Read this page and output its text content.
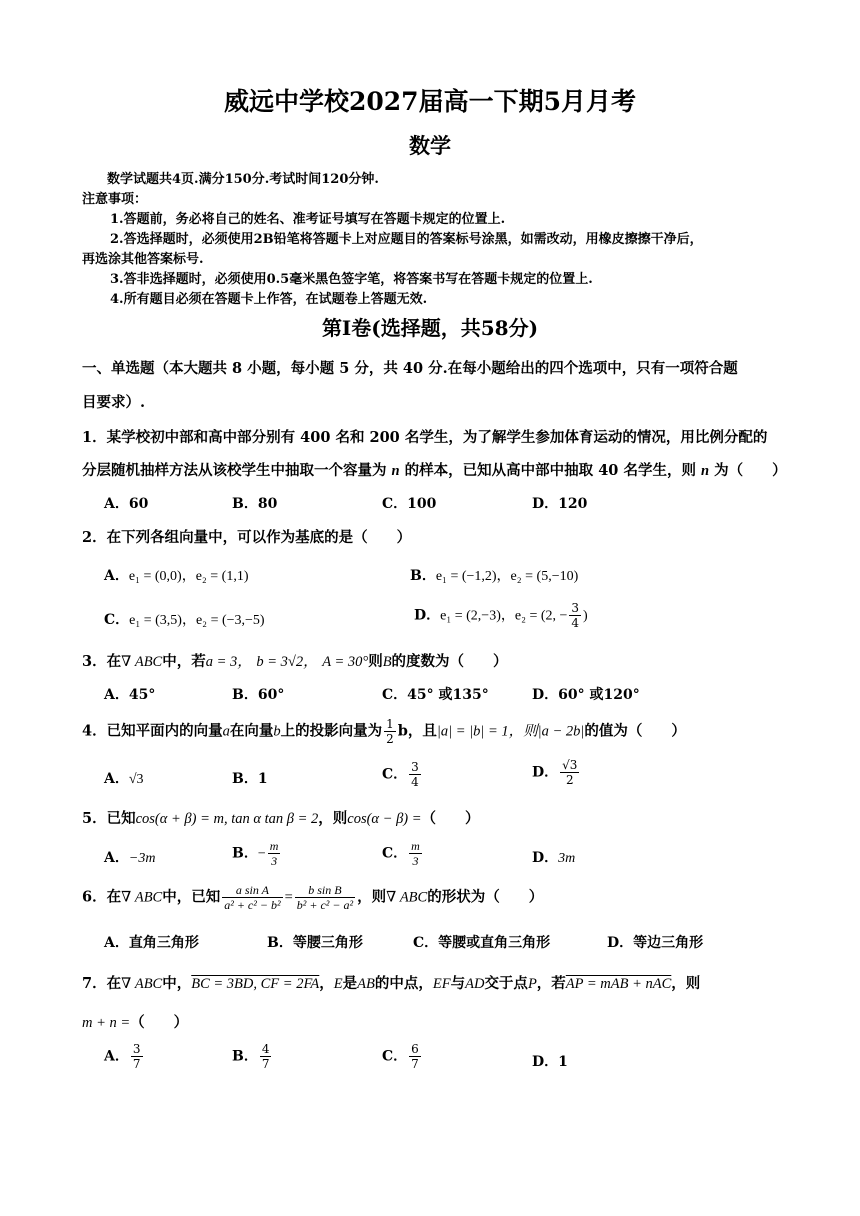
威远中学校2027届高一下期5月月考
数学
数学试题共4页.满分150分.考试时间120分钟.
注意事项：
1.答题前，务必将自己的姓名、准考证号填写在答题卡规定的位置上.
2.答选择题时，必须使用2B铅笔将答题卡上对应题目的答案标号涂黑，如需改动，用橡皮擦擦干净后，
再选涂其他答案标号.
3.答非选择题时，必须使用0.5毫米黑色签字笔，将答案书写在答题卡规定的位置上.
4.所有题目必须在答题卡上作答，在试题卷上答题无效.
第Ⅰ卷(选择题，共58分)
一、单选题（本大题共 8 小题，每小题 5 分，共 40 分.在每小题给出的四个选项中，只有一项符合题
目要求）.
1．某学校初中部和高中部分别有 400 名和 200 名学生，为了解学生参加体育运动的情况，用比例分配的
分层随机抽样方法从该校学生中抽取一个容量为 n 的样本，已知从高中部中抽取 40 名学生，则 n 为（　　）
A．60	B．80	C．100	D．120
2．在下列各组向量中，可以作为基底的是（　　）
A．e₁ = (0,0)，e₂ = (1,1)	B．e₁ = (−1,2)，e₂ = (5,−10)
C．e₁ = (3,5)，e₂ = (−3,−5)	D．e₁ = (2,−3)，e₂ = (2, − $\frac{3}{4}$ )
3．在∇ ABC中，若a = 3， b = 3√2， A = 30°则B的度数为（　　）
A．45°	B．60°	C．45° 或135°	D．60° 或120°
4．已知平面内的向量a在向量b上的投影向量为 $\frac{1}{2}$ b，且|a| = |b| = 1，则|a − 2b|的值为（　　）
A．√3	B．1	C． $\frac{3}{4}$	D． $\frac{√3}{2}$
5．已知cos(α + β) = m, tan α tan β = 2，则cos(α − β) =（　　）
A．−3m	B．− $\frac{m}{3}$	C． $\frac{m}{3}$	D．3m
6．在∇ ABC中，已知 $\frac{\text{a sin A}}{\text{a² + c² − b²}} = \frac{\text{b sin B}}{\text{b² + c² − a²}}$ ，则∇ ABC的形状为（　　）
A．直角三角形	B．等腰三角形	C．等腰或直角三角形	D．等边三角形
7．在∇ ABC中，BC = 3BD, CF = 2FA，E是AB的中点，EF与AD交于点P，若AP = mAB + nAC，则
m + n =（　　）
A． $\frac{3}{7}$	B． $\frac{4}{7}$	C． $\frac{6}{7}$	D．1
